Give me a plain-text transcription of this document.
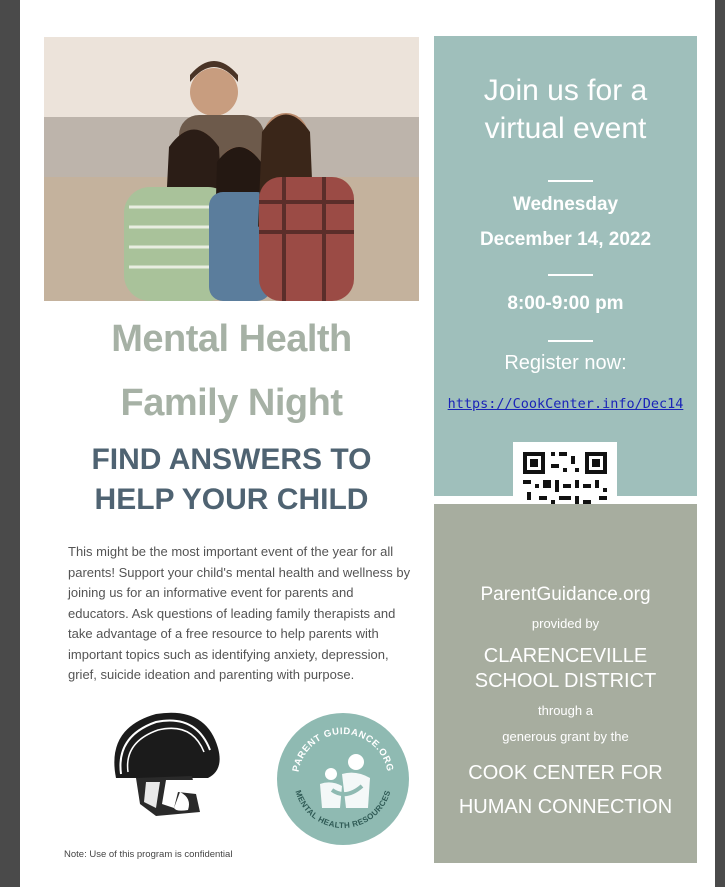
Mental Health
Family Night
FIND ANSWERS TO
HELP YOUR CHILD
This might be the most important event of the year for all parents! Support your child's mental health and wellness by joining us for an informative event for parents and educators. Ask questions of leading family therapists and take advantage of a free resource to help parents with important topics such as identifying anxiety, depression, grief, suicide ideation and parenting with purpose.
PARENT GUIDANCE.ORG
MENTAL HEALTH RESOURCES
Note: Use of this program is confidential
Join us for a
virtual event
Wednesday
December 14, 2022
8:00-9:00 pm
Register now:
https://CookCenter.info/Dec14
ParentGuidance.org
provided by
CLARENCEVILLE
SCHOOL DISTRICT
through a
generous grant by the
COOK CENTER FOR
HUMAN CONNECTION
